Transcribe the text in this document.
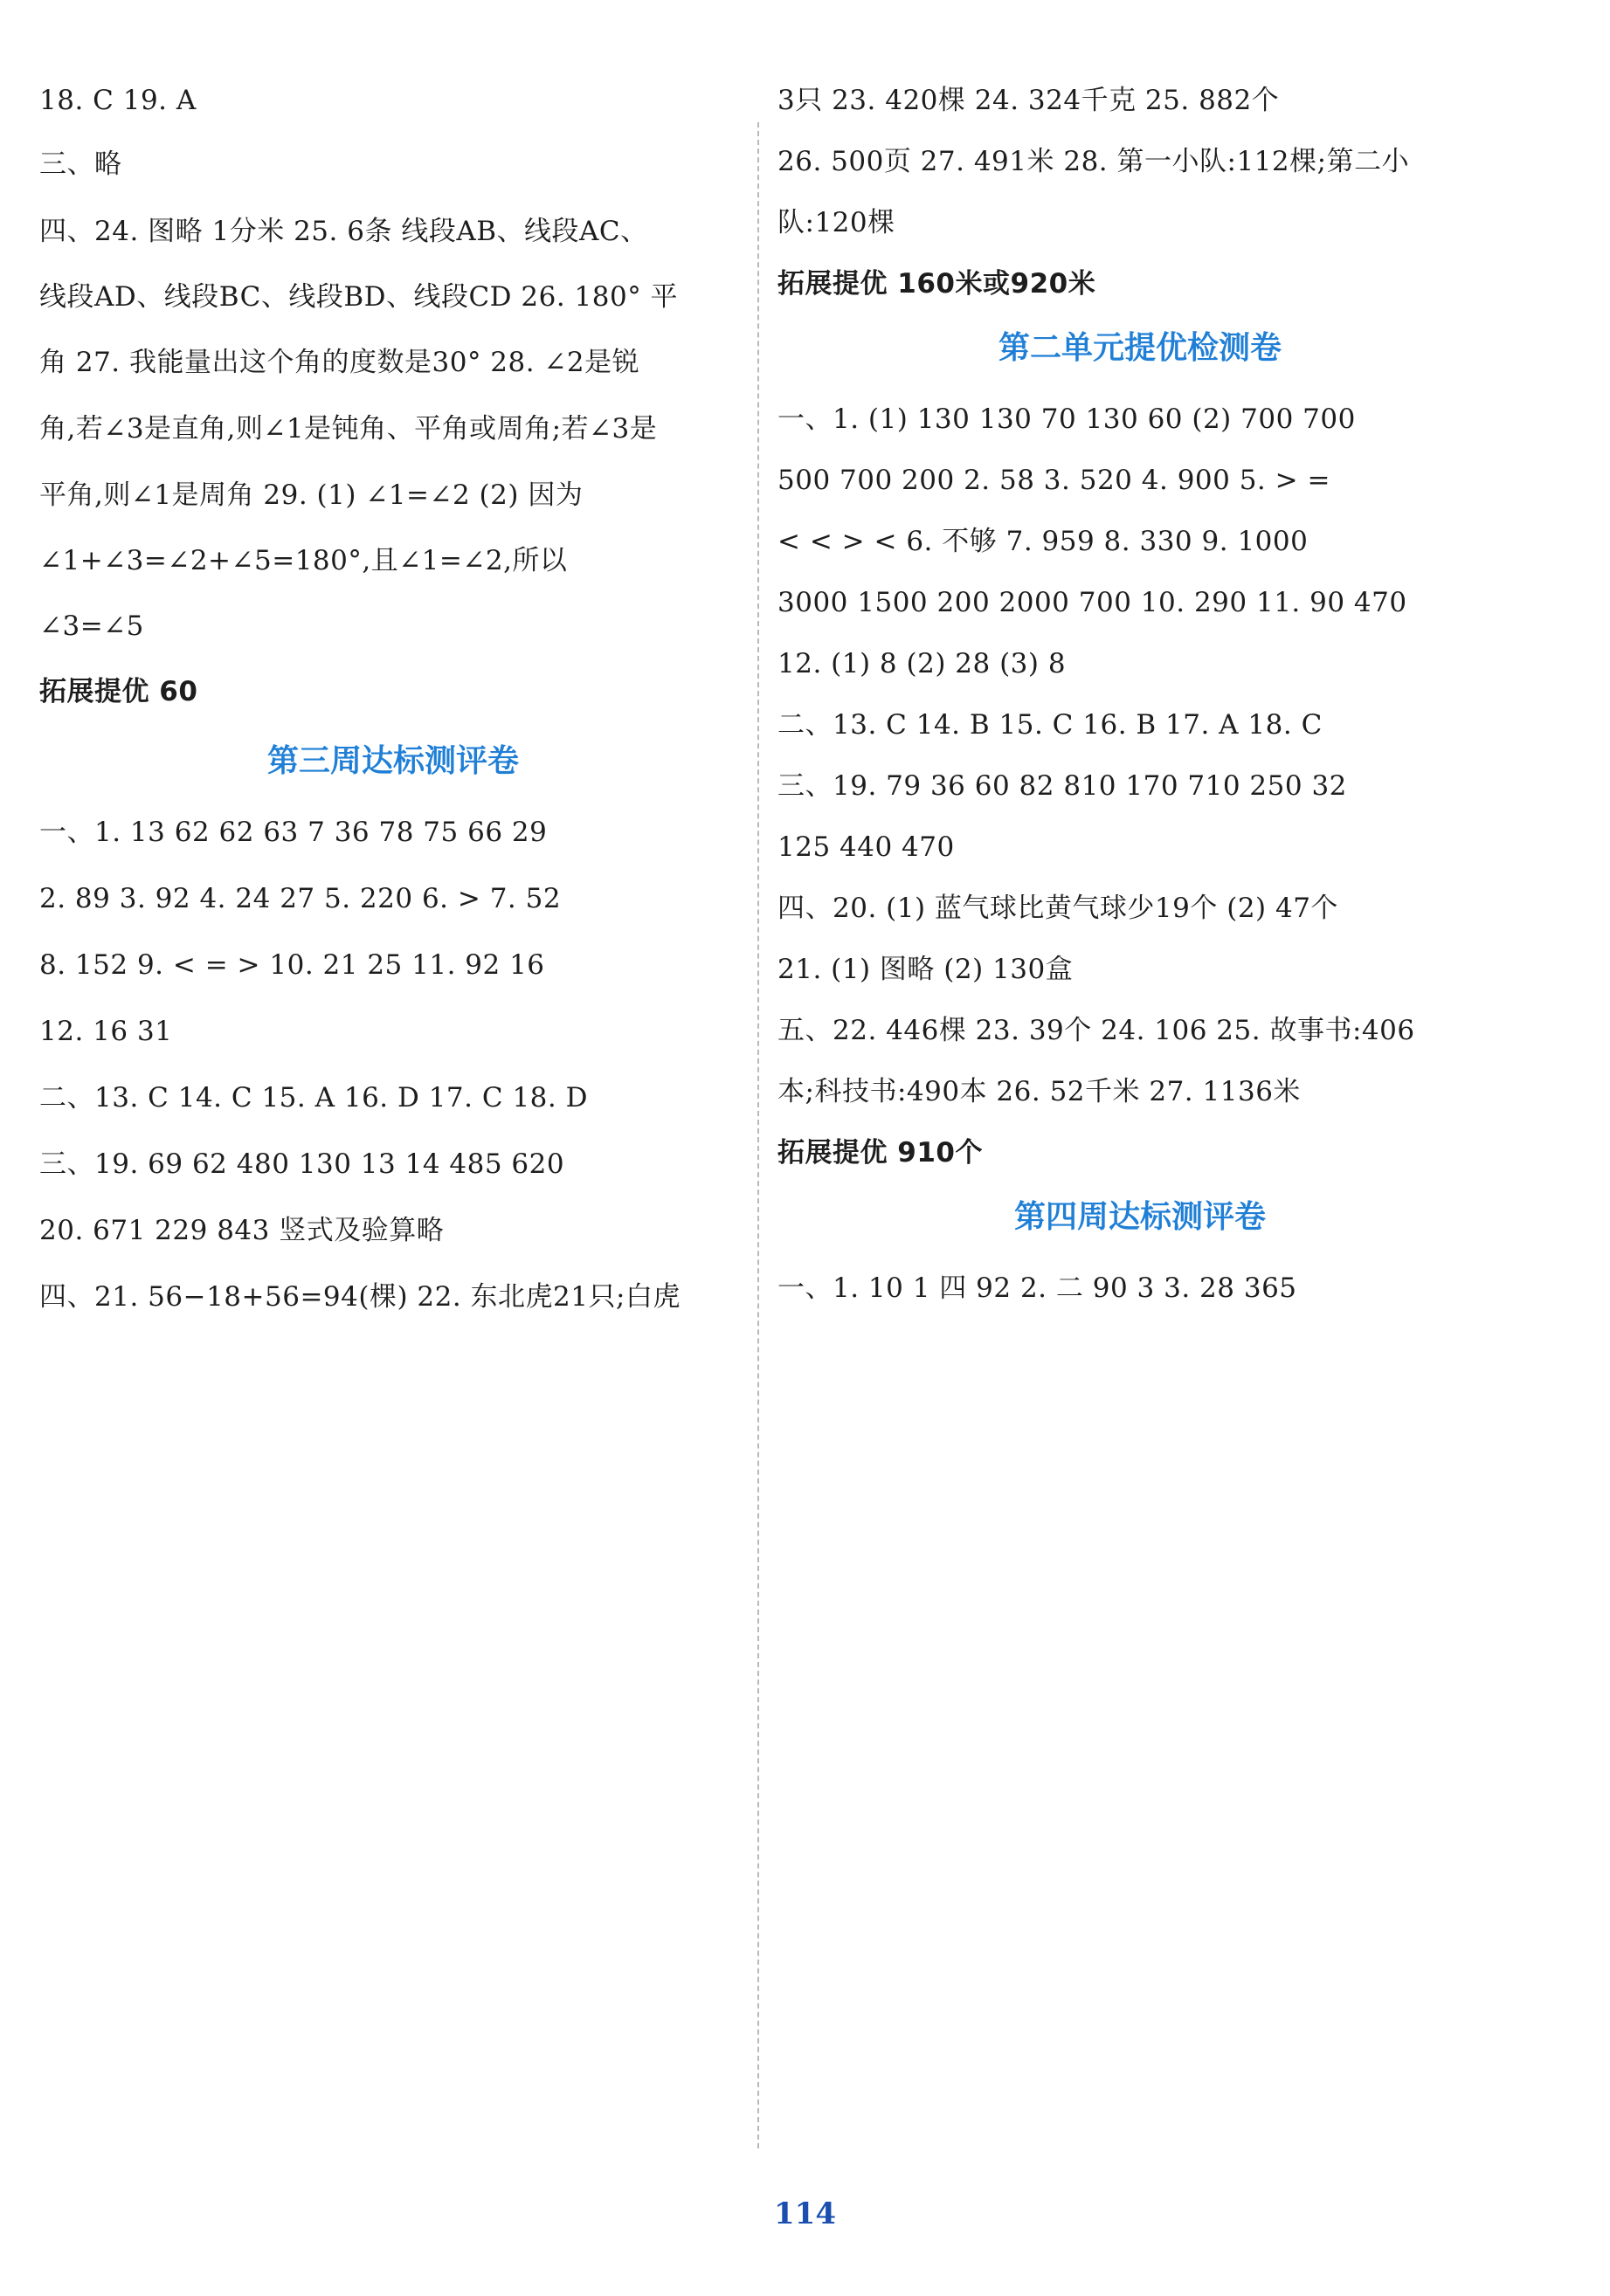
18. C 19. A
三、略
四、24. 图略 1分米 25. 6条 线段AB、线段AC、
线段AD、线段BC、线段BD、线段CD 26. 180° 平
角 27. 我能量出这个角的度数是30° 28. ∠2是锐
角,若∠3是直角,则∠1是钝角、平角或周角;若∠3是
平角,则∠1是周角 29. (1) ∠1=∠2 (2) 因为
∠1+∠3=∠2+∠5=180°,且∠1=∠2,所以
∠3=∠5
拓展提优 60
第三周达标测评卷
一、1. 13 62 62 63 7 36 78 75 66 29
2. 89 3. 92 4. 24 27 5. 220 6. > 7. 52
8. 152 9. < = > 10. 21 25 11. 92 16
12. 16 31
二、13. C 14. C 15. A 16. D 17. C 18. D
三、19. 69 62 480 130 13 14 485 620
20. 671 229 843 竖式及验算略
四、21. 56−18+56=94(棵) 22. 东北虎21只;白虎
3只 23. 420棵 24. 324千克 25. 882个
26. 500页 27. 491米 28. 第一小队:112棵;第二小
队:120棵
拓展提优 160米或920米
第二单元提优检测卷
一、1. (1) 130 130 70 130 60 (2) 700 700
500 700 200 2. 58 3. 520 4. 900 5. > =
< < > < 6. 不够 7. 959 8. 330 9. 1000
3000 1500 200 2000 700 10. 290 11. 90 470
12. (1) 8 (2) 28 (3) 8
二、13. C 14. B 15. C 16. B 17. A 18. C
三、19. 79 36 60 82 810 170 710 250 32
125 440 470
四、20. (1) 蓝气球比黄气球少19个 (2) 47个
21. (1) 图略 (2) 130盒
五、22. 446棵 23. 39个 24. 106 25. 故事书:406
本;科技书:490本 26. 52千米 27. 1136米
拓展提优 910个
第四周达标测评卷
一、1. 10 1 四 92 2. 二 90 3 3. 28 365
114
